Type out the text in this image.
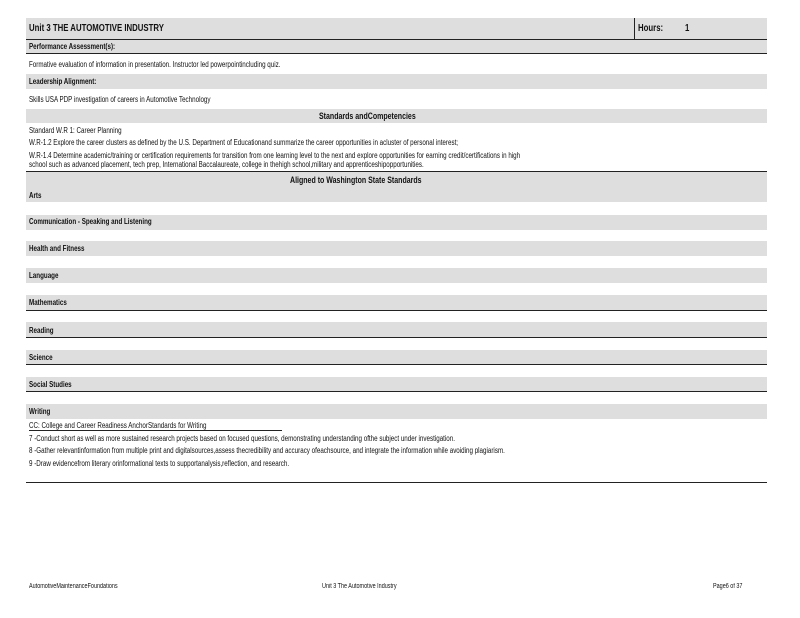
Unit 3 THE AUTOMOTIVE INDUSTRY	Hours: 1
Performance Assessment(s):
Formative evaluation of information in presentation. Instructor led powerpointincluding quiz.
Leadership Alignment:
Skills USA PDP investigation of careers in Automotive Technology
Standards andCompetencies
Standard W.R 1: Career Planning
W.R-1.2 Explore the career clusters as defined by the U.S. Department of Educationand summarize the career opportunities in acluster of personal interest;
W.R-1.4 Determine academic/training or certification requirements for transition from one learning level to the next and explore opportunities for earning credit/certifications in high
school such as advanced placement, tech prep, International Baccalaureate, college in thehigh school,military and apprenticeshipopportunities.
Aligned to Washington State Standards
Arts
Communication - Speaking and Listening
Health and Fitness
Language
Mathematics
Reading
Science
Social Studies
Writing
CC: College and Career Readiness AnchorStandards for Writing
7 -Conduct short as well as more sustained research projects based on focused questions, demonstrating understanding ofthe subject under investigation.
8 -Gather relevantinformation from multiple print and digitalsources,assess thecredibility and accuracy ofeachsource, and integrate the information while avoiding plagiarism.
9 -Draw evidencefrom literary orinformational texts to supportanalysis,reflection, and research.
AutomotiveMaintenanceFoundations	Unit 3 The Automotive Industry	Page6 of 37
